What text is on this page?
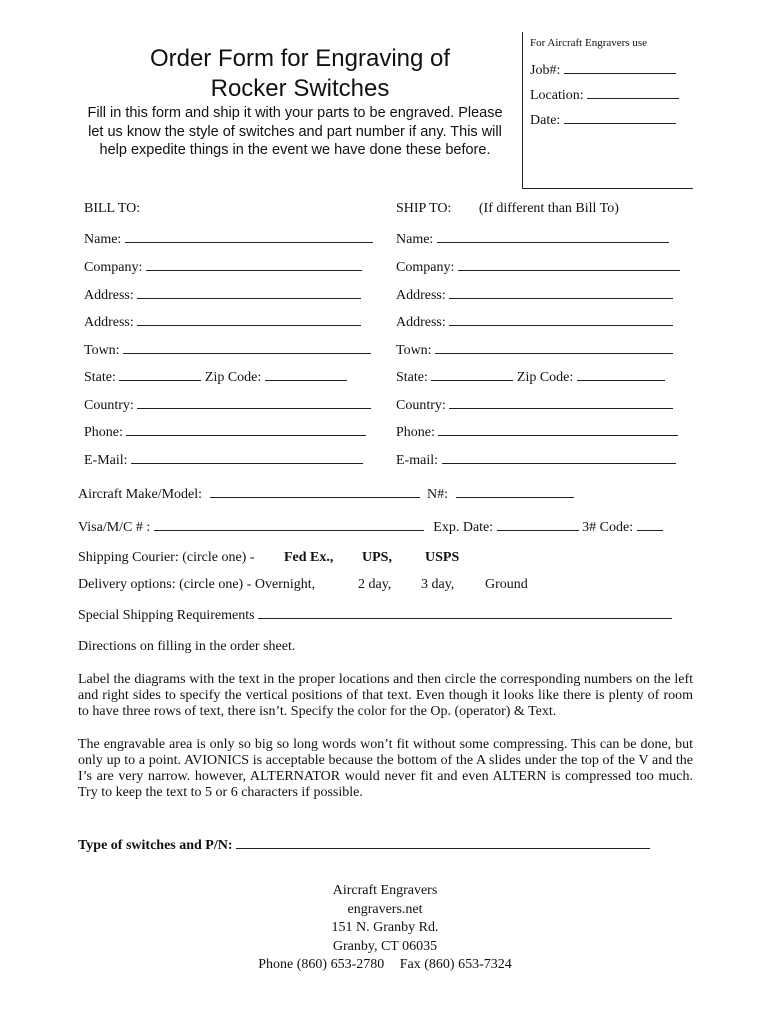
Order Form for Engraving of
Rocker Switches
Fill in this form and ship it with your parts to be engraved. Please let us know the style of switches and part number if any. This will help expedite things in the event we have done these before.
For Aircraft Engravers use
Job#:
Location:
Date:
BILL TO:
Name:
Company:
Address:
Address:
Town:
State:	Zip Code:
Country:
Phone:
E-Mail:
SHIP TO: (If different than Bill To)
Name:
Company:
Address:
Address:
Town:
State:	Zip Code:
Country:
Phone:
E-mail:
Aircraft Make/Model:	N#:
Visa/M/C # :	Exp. Date:	3# Code:
Shipping Courier: (circle one) - Fed Ex., UPS, USPS
Delivery options: (circle one) - Overnight,	2 day, 3 day, Ground
Special Shipping Requirements
Directions on filling in the order sheet.
Label the diagrams with the text in the proper locations and then circle the corresponding numbers on the left and right sides to specify the vertical positions of that text. Even though it looks like there is plenty of room to have three rows of text, there isn’t. Specify the color for the Op. (operator) & Text.
The engravable area is only so big so long words won’t fit without some compressing. This can be done, but only up to a point. AVIONICS is acceptable because the bottom of the A slides under the top of the V and the I’s are very narrow. however, ALTERNATOR would never fit and even ALTERN is compressed too much. Try to keep the text to 5 or 6 characters if possible.
Type of switches and P/N:
Aircraft Engravers
engravers.net
151 N. Granby Rd.
Granby, CT 06035
Phone (860) 653-2780 Fax (860) 653-7324
